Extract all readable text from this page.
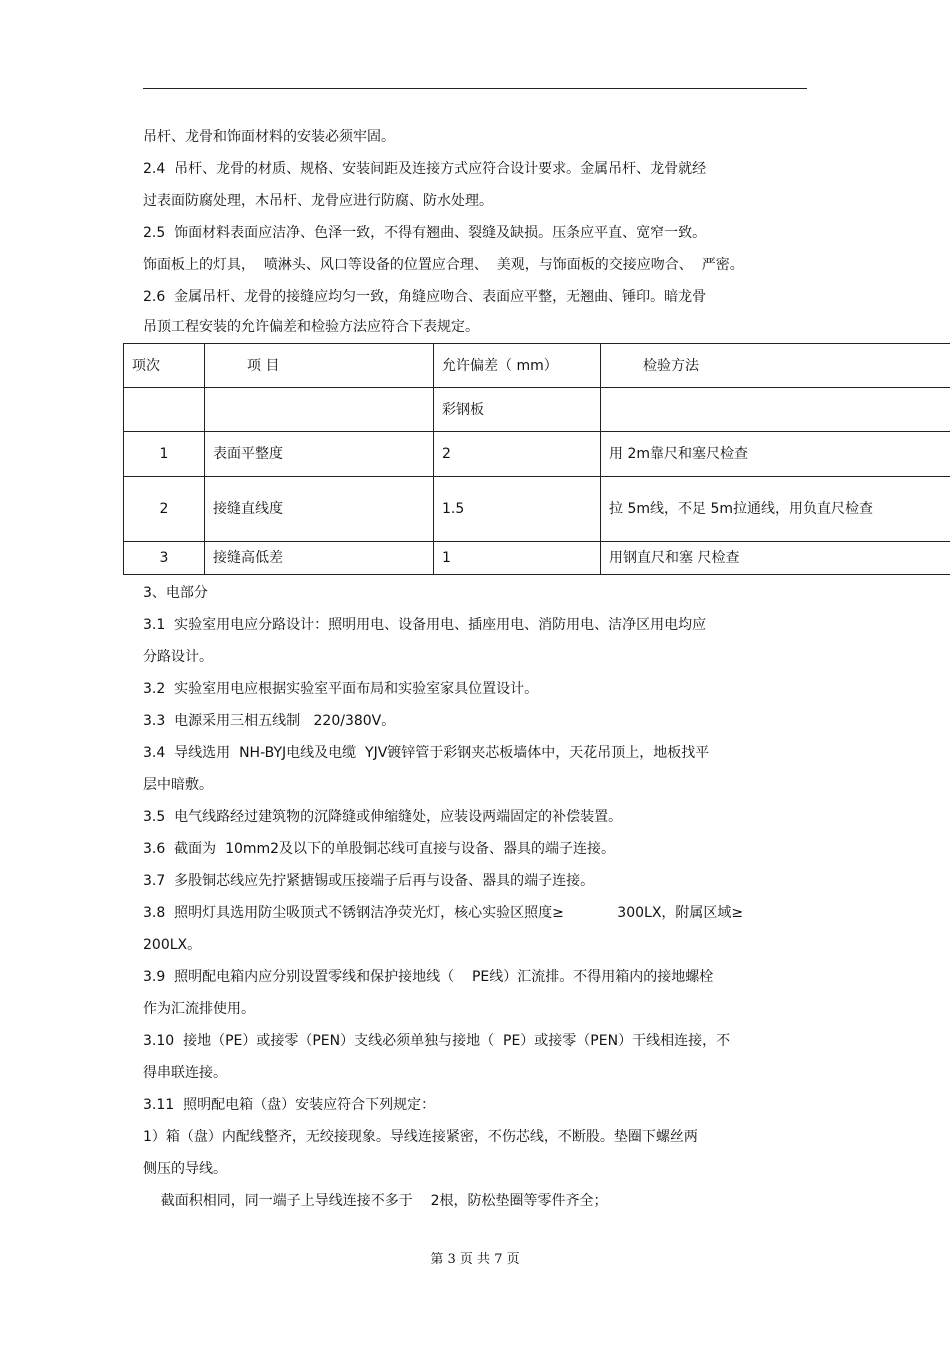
吊杆、龙骨和饰面材料的安装必须牢固。
2.4  吊杆、龙骨的材质、规格、安装间距及连接方式应符合设计要求。金属吊杆、龙骨就经
过表面防腐处理，木吊杆、龙骨应进行防腐、防水处理。
2.5  饰面材料表面应洁净、色泽一致，不得有翘曲、裂缝及缺损。压条应平直、宽窄一致。
饰面板上的灯具，  喷淋头、风口等设备的位置应合理、  美观，与饰面板的交接应吻合、  严密。
2.6  金属吊杆、龙骨的接缝应均匀一致，角缝应吻合、表面应平整，无翘曲、锤印。暗龙骨
吊顶工程安装的允许偏差和检验方法应符合下表规定。
项次	项 目	允许偏差（ mm）	检验方法
		彩钢板	
1	表面平整度	2	用 2m靠尺和塞尺检查
2	接缝直线度	1.5	拉 5m线，不足 5m拉通线，用负直尺检查
3	接缝高低差	1	用钢直尺和塞 尺检查
3、电部分
3.1  实验室用电应分路设计：照明用电、设备用电、插座用电、消防用电、洁净区用电均应
分路设计。
3.2  实验室用电应根据实验室平面布局和实验室家具位置设计。
3.3  电源采用三相五线制   220/380V。
3.4  导线选用  NH-BYJ电线及电缆  YJV镀锌管于彩钢夹芯板墙体中，天花吊顶上，地板找平
层中暗敷。
3.5  电气线路经过建筑物的沉降缝或伸缩缝处，应装设两端固定的补偿装置。
3.6  截面为  10mm2及以下的单股铜芯线可直接与设备、器具的端子连接。
3.7  多股铜芯线应先拧紧搪锡或压接端子后再与设备、器具的端子连接。
3.8  照明灯具选用防尘吸顶式不锈钢洁净荧光灯，核心实验区照度≥            300LX，附属区域≥
200LX。
3.9  照明配电箱内应分别设置零线和保护接地线（    PE线）汇流排。不得用箱内的接地螺栓
作为汇流排使用。
3.10  接地（PE）或接零（PEN）支线必须单独与接地（  PE）或接零（PEN）干线相连接，不
得串联连接。
3.11  照明配电箱（盘）安装应符合下列规定：
1）箱（盘）内配线整齐，无绞接现象。导线连接紧密，不伤芯线，不断股。垫圈下螺丝两
侧压的导线。
截面积相同，同一端子上导线连接不多于    2根，防松垫圈等零件齐全；
第 3 页 共 7 页
